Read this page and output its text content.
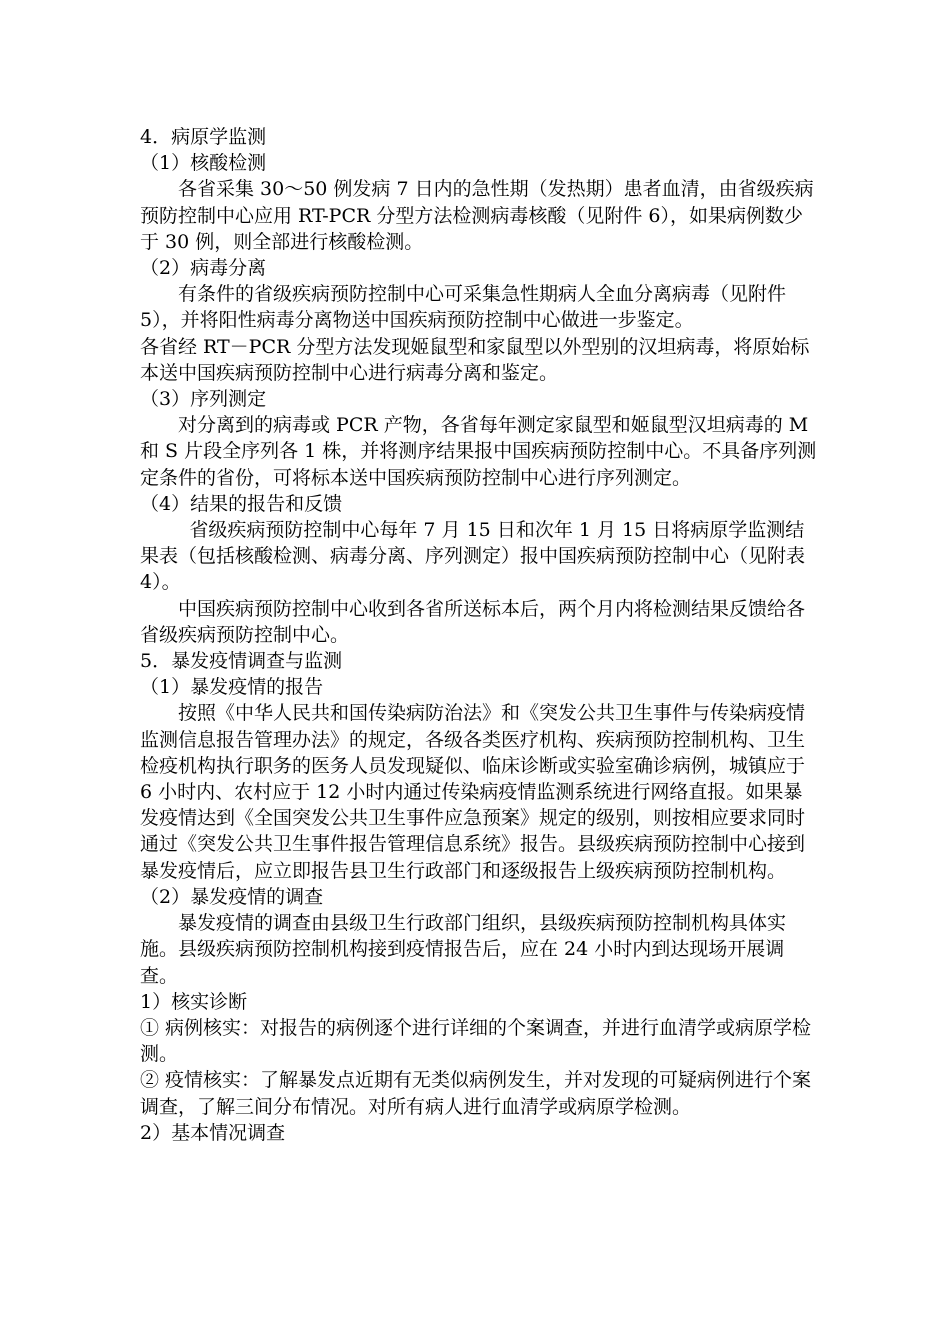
4．病原学监测

（1）核酸检测

各省采集 30～50 例发病 7 日内的急性期（发热期）患者血清，由省级疾病预防控制中心应用 RT-PCR 分型方法检测病毒核酸（见附件 6），如果病例数少于 30 例，则全部进行核酸检测。

（2）病毒分离

有条件的省级疾病预防控制中心可采集急性期病人全血分离病毒（见附件 5），并将阳性病毒分离物送中国疾病预防控制中心做进一步鉴定。

各省经 RT－PCR 分型方法发现姬鼠型和家鼠型以外型别的汉坦病毒，将原始标本送中国疾病预防控制中心进行病毒分离和鉴定。

（3）序列测定

对分离到的病毒或 PCR 产物，各省每年测定家鼠型和姬鼠型汉坦病毒的 M 和 S 片段全序列各 1 株，并将测序结果报中国疾病预防控制中心。不具备序列测定条件的省份，可将标本送中国疾病预防控制中心进行序列测定。

（4）结果的报告和反馈

省级疾病预防控制中心每年 7 月 15 日和次年 1 月 15 日将病原学监测结果表（包括核酸检测、病毒分离、序列测定）报中国疾病预防控制中心（见附表 4）。

中国疾病预防控制中心收到各省所送标本后，两个月内将检测结果反馈给各省级疾病预防控制中心。

5．暴发疫情调查与监测

（1）暴发疫情的报告

按照《中华人民共和国传染病防治法》和《突发公共卫生事件与传染病疫情监测信息报告管理办法》的规定，各级各类医疗机构、疾病预防控制机构、卫生检疫机构执行职务的医务人员发现疑似、临床诊断或实验室确诊病例，城镇应于 6 小时内、农村应于 12 小时内通过传染病疫情监测系统进行网络直报。如果暴发疫情达到《全国突发公共卫生事件应急预案》规定的级别，则按相应要求同时通过《突发公共卫生事件报告管理信息系统》报告。县级疾病预防控制中心接到暴发疫情后，应立即报告县卫生行政部门和逐级报告上级疾病预防控制机构。

（2）暴发疫情的调查

暴发疫情的调查由县级卫生行政部门组织，县级疾病预防控制机构具体实施。县级疾病预防控制机构接到疫情报告后，应在 24 小时内到达现场开展调查。

1）核实诊断

① 病例核实：对报告的病例逐个进行详细的个案调查，并进行血清学或病原学检测。

② 疫情核实：了解暴发点近期有无类似病例发生，并对发现的可疑病例进行个案调查，了解三间分布情况。对所有病人进行血清学或病原学检测。

2）基本情况调查
